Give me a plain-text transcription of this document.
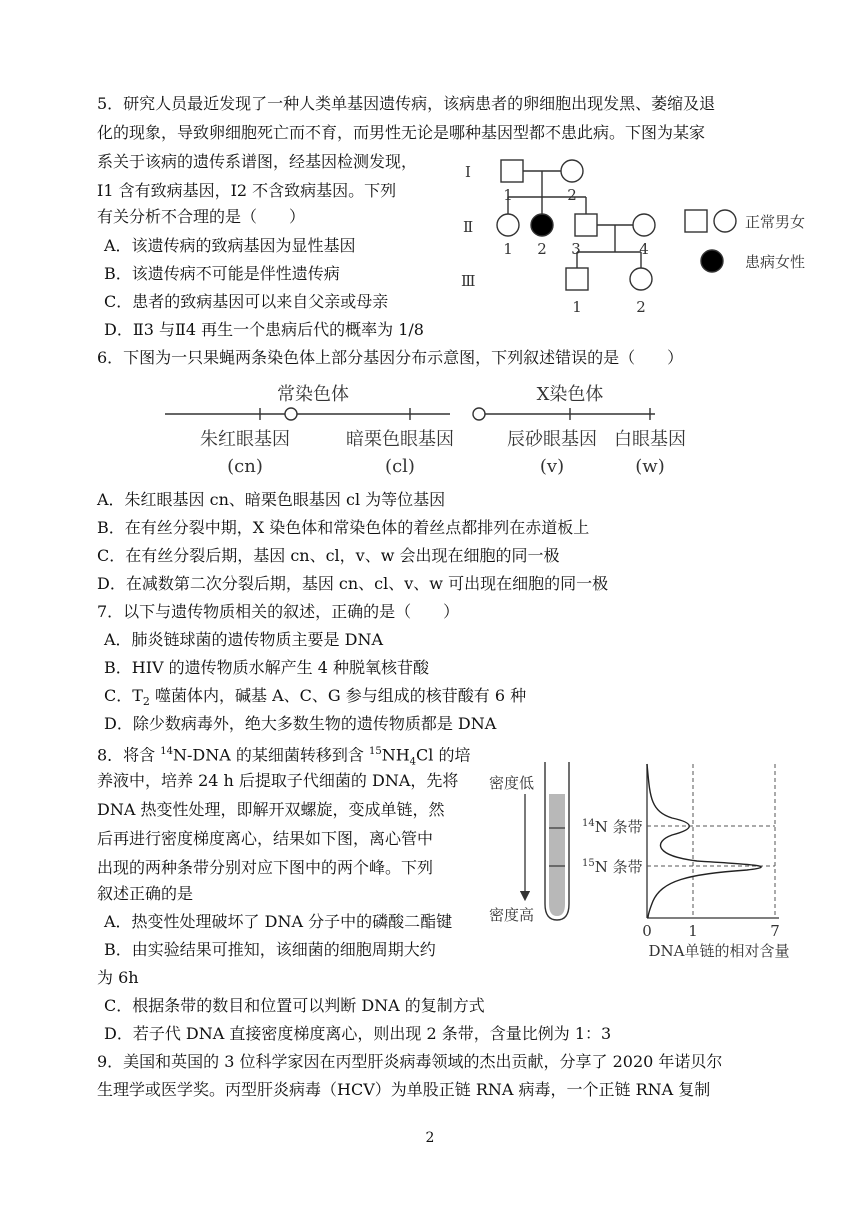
5．研究人员最近发现了一种人类单基因遗传病，该病患者的卵细胞出现发黑、萎缩及退
化的现象，导致卵细胞死亡而不育，而男性无论是哪种基因型都不患此病。下图为某家
系关于该病的遗传系谱图，经基因检测发现，
Ⅰ1 含有致病基因，Ⅰ2 不含致病基因。下列
有关分析不合理的是（　　）
A．该遗传病的致病基因为显性基因
B．该遗传病不可能是伴性遗传病
C．患者的致病基因可以来自父亲或母亲
D．Ⅱ3 与Ⅱ4 再生一个患病后代的概率为 1/8
Ⅰ
Ⅱ
Ⅲ
1	2
1 2 3	4
1	2
正常男女
患病女性
6．下图为一只果蝇两条染色体上部分基因分布示意图，下列叙述错误的是（　　）
常染色体	X染色体
朱红眼基因
(cn)
暗栗色眼基因
(cl)
辰砂眼基因
(v)
白眼基因
(w)
A．朱红眼基因 cn、暗栗色眼基因 cl 为等位基因
B．在有丝分裂中期，X 染色体和常染色体的着丝点都排列在赤道板上
C．在有丝分裂后期，基因 cn、cl，v、w 会出现在细胞的同一极
D．在减数第二次分裂后期，基因 cn、cl、v、w 可出现在细胞的同一极
7．以下与遗传物质相关的叙述，正确的是（　　）
A．肺炎链球菌的遗传物质主要是 DNA
B．HIV 的遗传物质水解产生 4 种脱氧核苷酸
C．$T_2$ 噬菌体内，碱基 A、C、G 参与组成的核苷酸有 6 种
D．除少数病毒外，绝大多数生物的遗传物质都是 DNA
8．将含 $^{14}$N-DNA 的某细菌转移到含 $^{15}NH_4Cl$ 的培
养液中，培养 24 h 后提取子代细菌的 DNA，先将
DNA 热变性处理，即解开双螺旋，变成单链，然
后再进行密度梯度离心，结果如下图，离心管中
出现的两种条带分别对应下图中的两个峰。下列
叙述正确的是
A．热变性处理破坏了 DNA 分子中的磷酸二酯键
B．由实验结果可推知，该细菌的细胞周期大约
为 6h
C．根据条带的数目和位置可以判断 DNA 的复制方式
D．若子代 DNA 直接密度梯度离心，则出现 2 条带，含量比例为 1：3
密度低
密度高
$^{14}$N 条带
$^{15}$N 条带
0 1	7
DNA单链的相对含量
9．美国和英国的 3 位科学家因在丙型肝炎病毒领域的杰出贡献，分享了 2020 年诺贝尔
生理学或医学奖。丙型肝炎病毒（HCV）为单股正链 RNA 病毒，一个正链 RNA 复制
2
